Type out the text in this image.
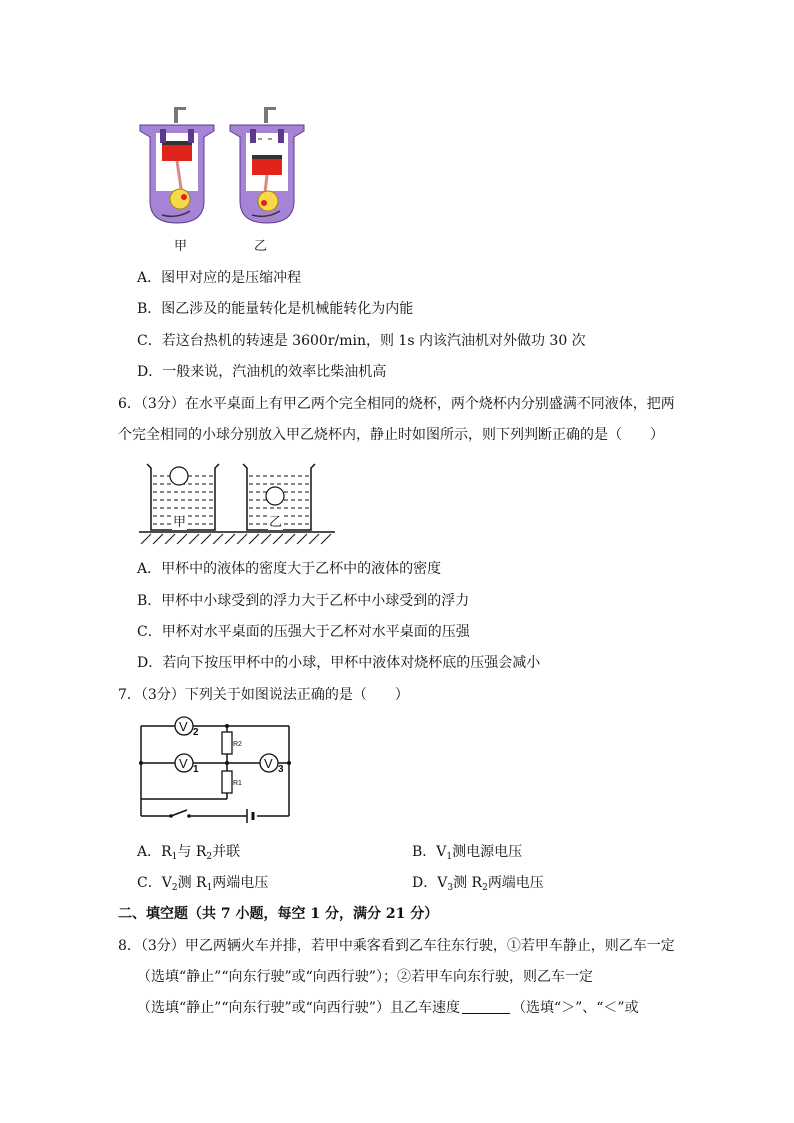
甲	乙
A．图甲对应的是压缩冲程
B．图乙涉及的能量转化是机械能转化为内能
C．若这台热机的转速是 3600r/min，则 1s 内该汽油机对外做功 30 次
D．一般来说，汽油机的效率比柴油机高
6．（3分）在水平桌面上有甲乙两个完全相同的烧杯，两个烧杯内分别盛满不同液体，把两
个完全相同的小球分别放入甲乙烧杯内，静止时如图所示，则下列判断正确的是（　　）
甲	乙
A．甲杯中的液体的密度大于乙杯中的液体的密度
B．甲杯中小球受到的浮力大于乙杯中小球受到的浮力
C．甲杯对水平桌面的压强大于乙杯对水平桌面的压强
D．若向下按压甲杯中的小球，甲杯中液体对烧杯底的压强会减小
7．（3分）下列关于如图说法正确的是（　　）
V 2
V 1	V 3
R2
R1
A．$R_1$与 $R_2$并联	B．$V_1$测电源电压
C．$V_2$测 $R_1$两端电压	D．$V_3$测 $R_2$两端电压
二、填空题（共 7 小题，每空 1 分，满分 21 分）
8．（3分）甲乙两辆火车并排，若甲中乘客看到乙车往东行驶，①若甲车静止，则乙车一定
（选填“静止”“向东行驶”或“向西行驶”）；②若甲车向东行驶，则乙车一定
（选填“静止”“向东行驶”或“向西行驶”）且乙车速度	（选填“＞”、“＜”或
